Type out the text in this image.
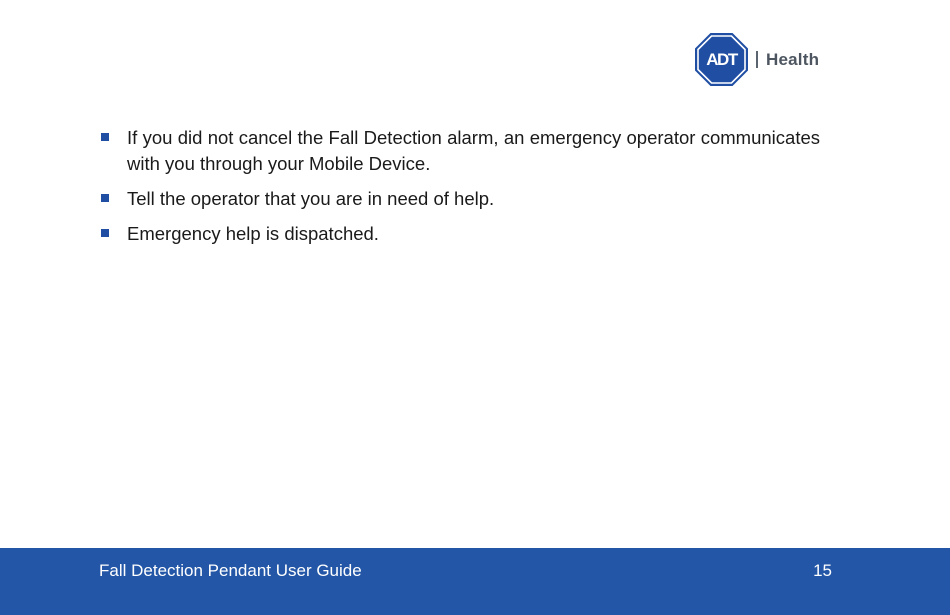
ADT Health
If you did not cancel the Fall Detection alarm, an emergency operator communicates with you through your Mobile Device.
Tell the operator that you are in need of help.
Emergency help is dispatched.
Fall Detection Pendant User Guide	15
